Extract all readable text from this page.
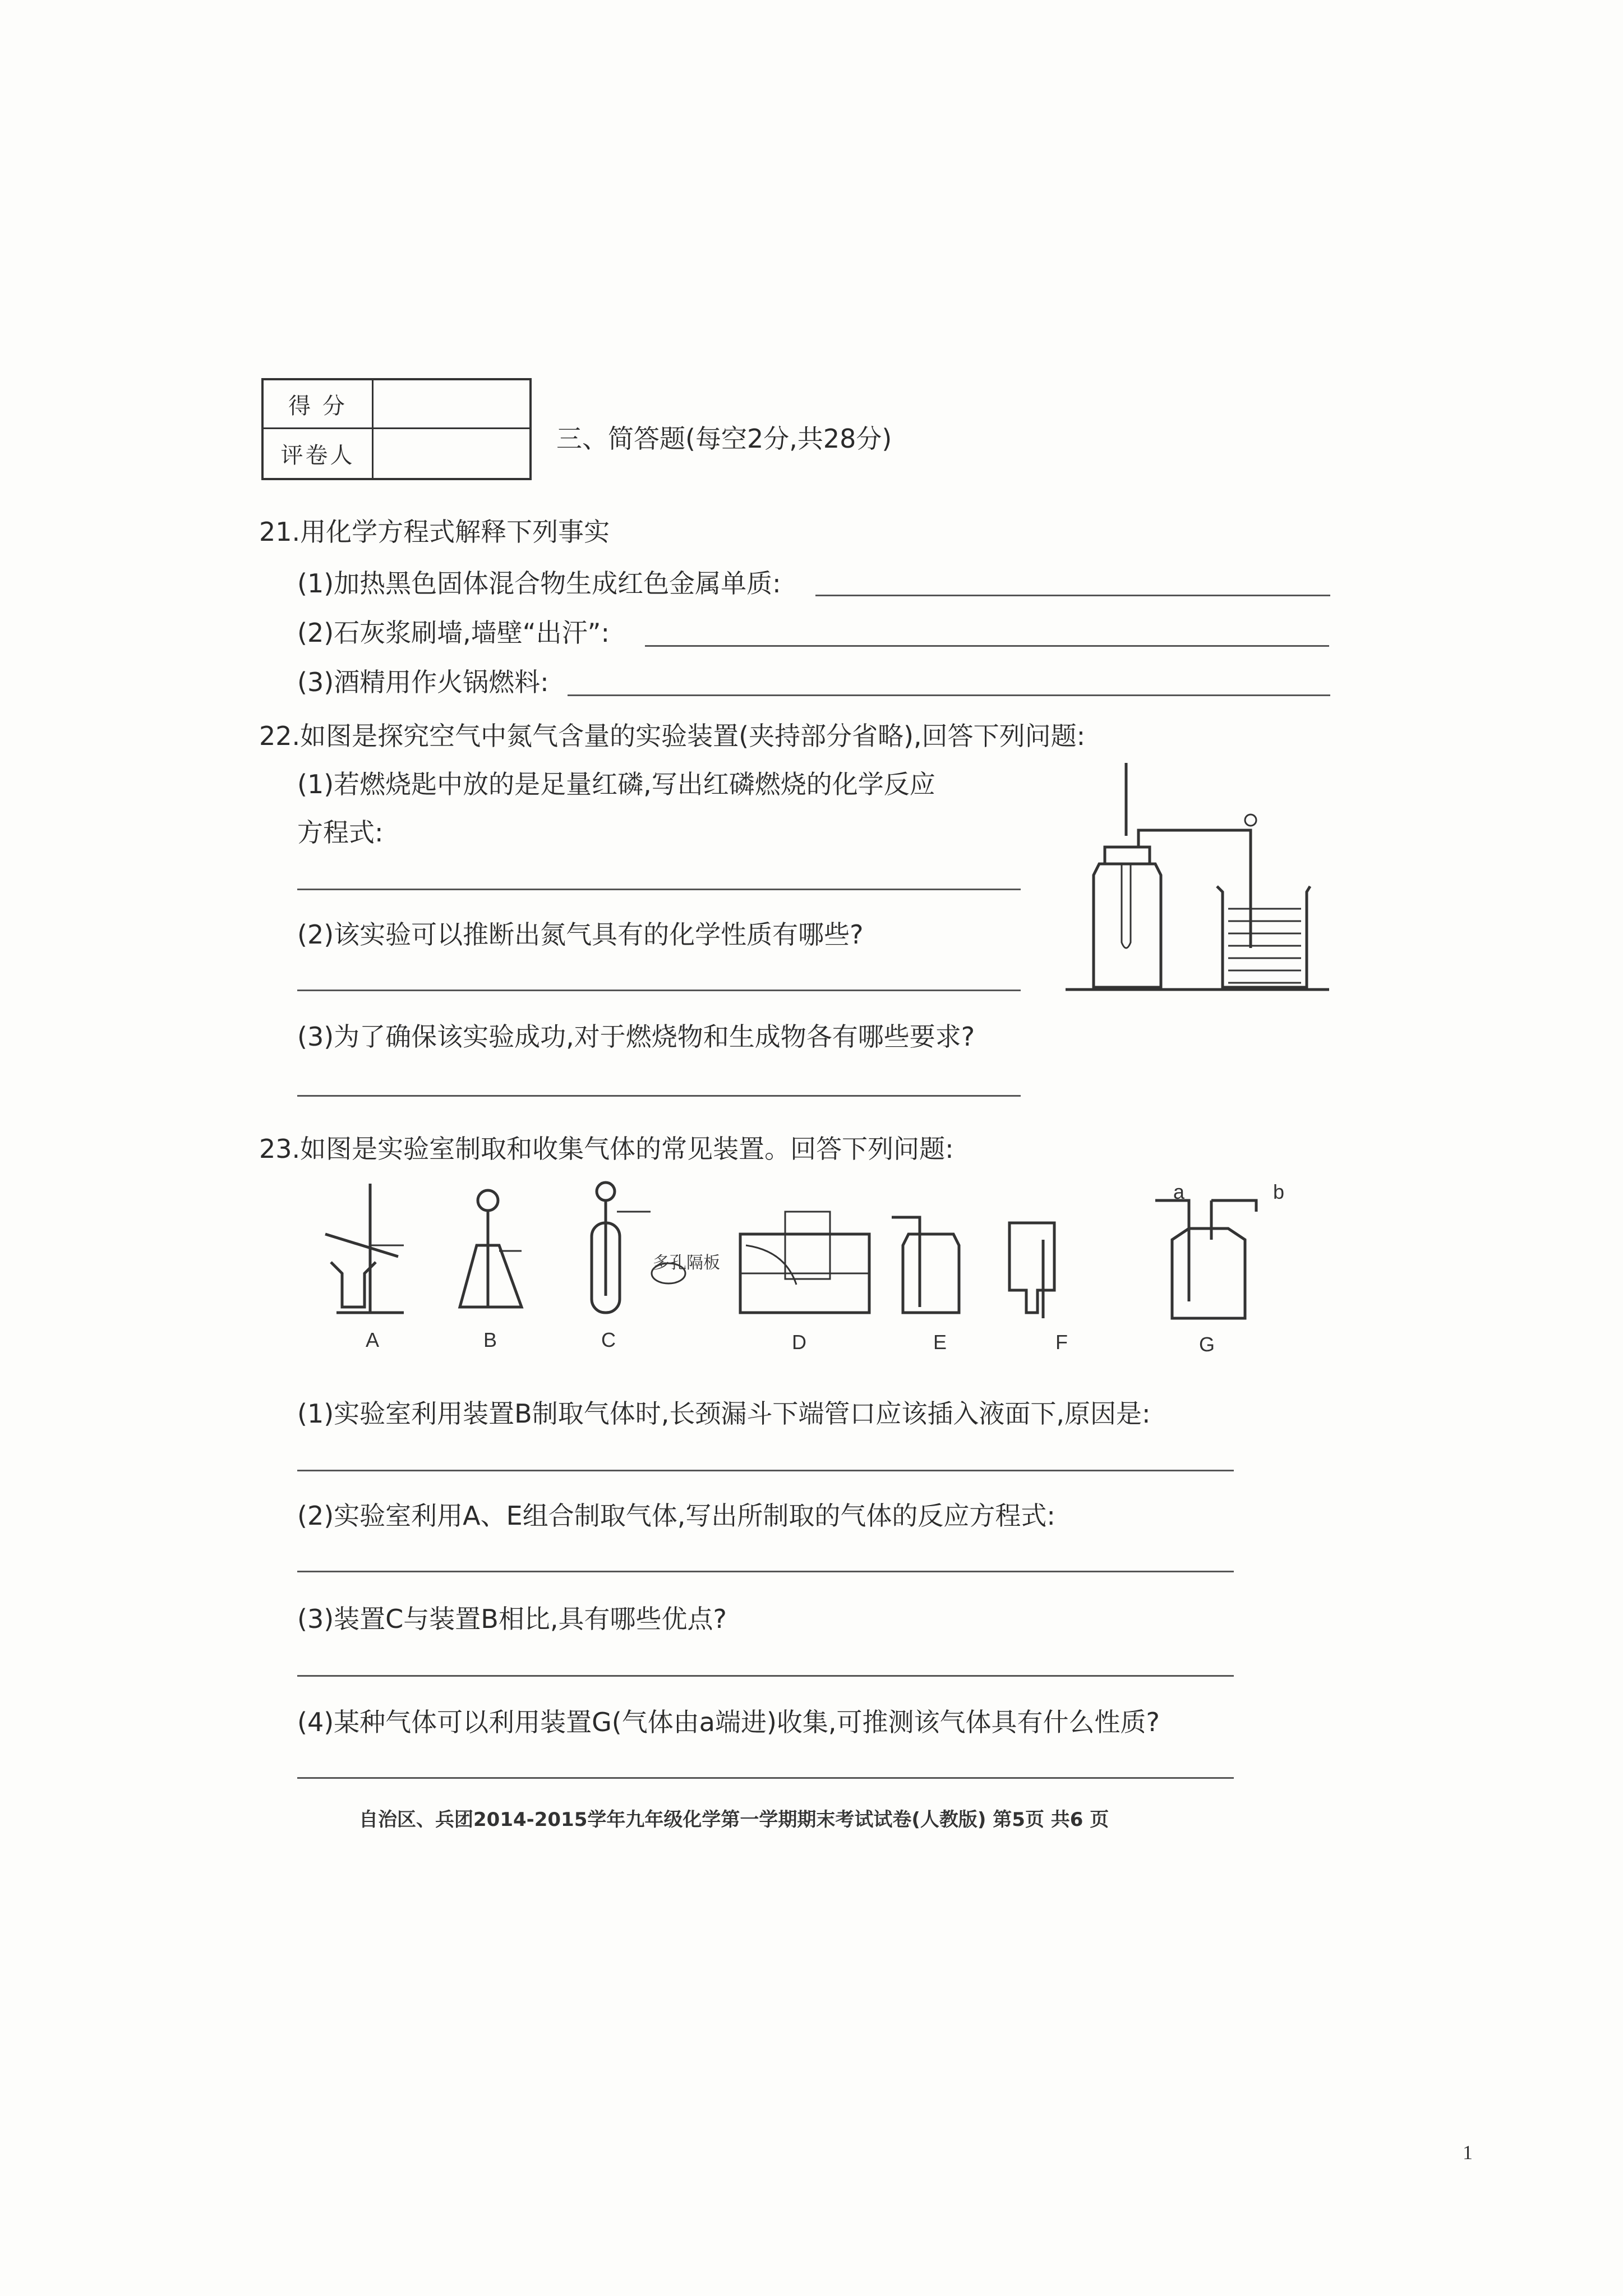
得 分
评卷人
三、简答题(每空2分,共28分)
21.用化学方程式解释下列事实
(1)加热黑色固体混合物生成红色金属单质:
(2)石灰浆刷墙,墙壁“出汗”:
(3)酒精用作火锅燃料:
22.如图是探究空气中氮气含量的实验装置(夹持部分省略),回答下列问题:
(1)若燃烧匙中放的是足量红磷,写出红磷燃烧的化学反应
方程式:
(2)该实验可以推断出氮气具有的化学性质有哪些?
(3)为了确保该实验成功,对于燃烧物和生成物各有哪些要求?
23.如图是实验室制取和收集气体的常见装置。回答下列问题:
A	B	C	D	E	F	G
多孔隔板
a	b
(1)实验室利用装置B制取气体时,长颈漏斗下端管口应该插入液面下,原因是:
(2)实验室利用A、E组合制取气体,写出所制取的气体的反应方程式:
(3)装置C与装置B相比,具有哪些优点?
(4)某种气体可以利用装置G(气体由a端进)收集,可推测该气体具有什么性质?
自治区、兵团2014-2015学年九年级化学第一学期期末考试试卷(人教版) 第5页 共6 页
1
